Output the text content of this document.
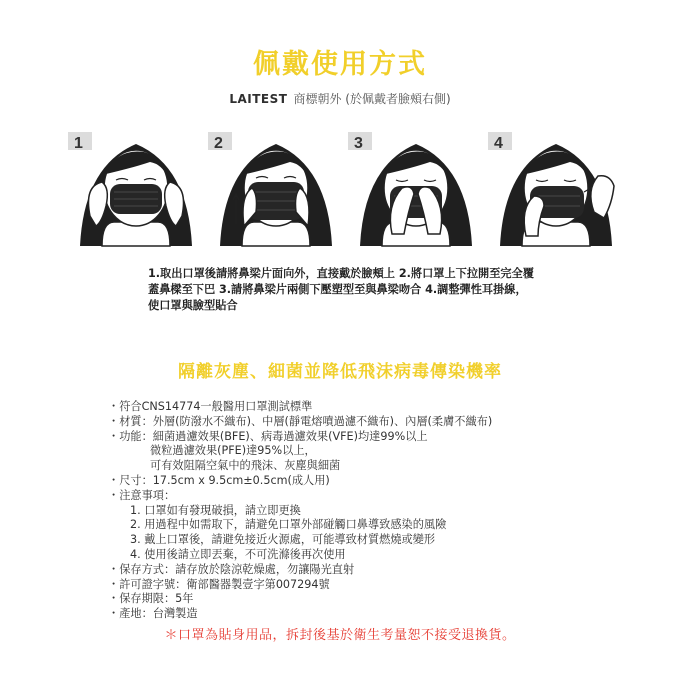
佩戴使用方式
LAITEST 商標朝外 (於佩戴者臉頰右側)
1	2	3	4
1.取出口罩後請將鼻梁片面向外，直接戴於臉頰上 2.將口罩上下拉開至完全覆
蓋鼻樑至下巴 3.請將鼻梁片兩側下壓塑型至與鼻梁吻合 4.調整彈性耳掛線，
使口罩與臉型貼合
隔離灰塵、細菌並降低飛沫病毒傳染機率
・符合CNS14774一般醫用口罩測試標準
・材質：外層(防潑水不織布)、中層(靜電熔噴過濾不織布)、內層(柔膚不織布)
・功能：細菌過濾效果(BFE)、病毒過濾效果(VFE)均達99%以上
微粒過濾效果(PFE)達95%以上，
可有效阻隔空氣中的飛沫、灰塵與細菌
・尺寸：17.5cm x 9.5cm±0.5cm(成人用)
・注意事項：
1. 口罩如有發現破損，請立即更換
2. 用過程中如需取下，請避免口罩外部碰觸口鼻導致感染的風險
3. 戴上口罩後，請避免接近火源處，可能導致材質燃燒或變形
4. 使用後請立即丟棄，不可洗滌後再次使用
・保存方式：請存放於陰涼乾燥處，勿讓陽光直射
・許可證字號：衛部醫器製壹字第007294號
・保存期限：5年
・產地：台灣製造
＊口罩為貼身用品，拆封後基於衛生考量恕不接受退換貨。
